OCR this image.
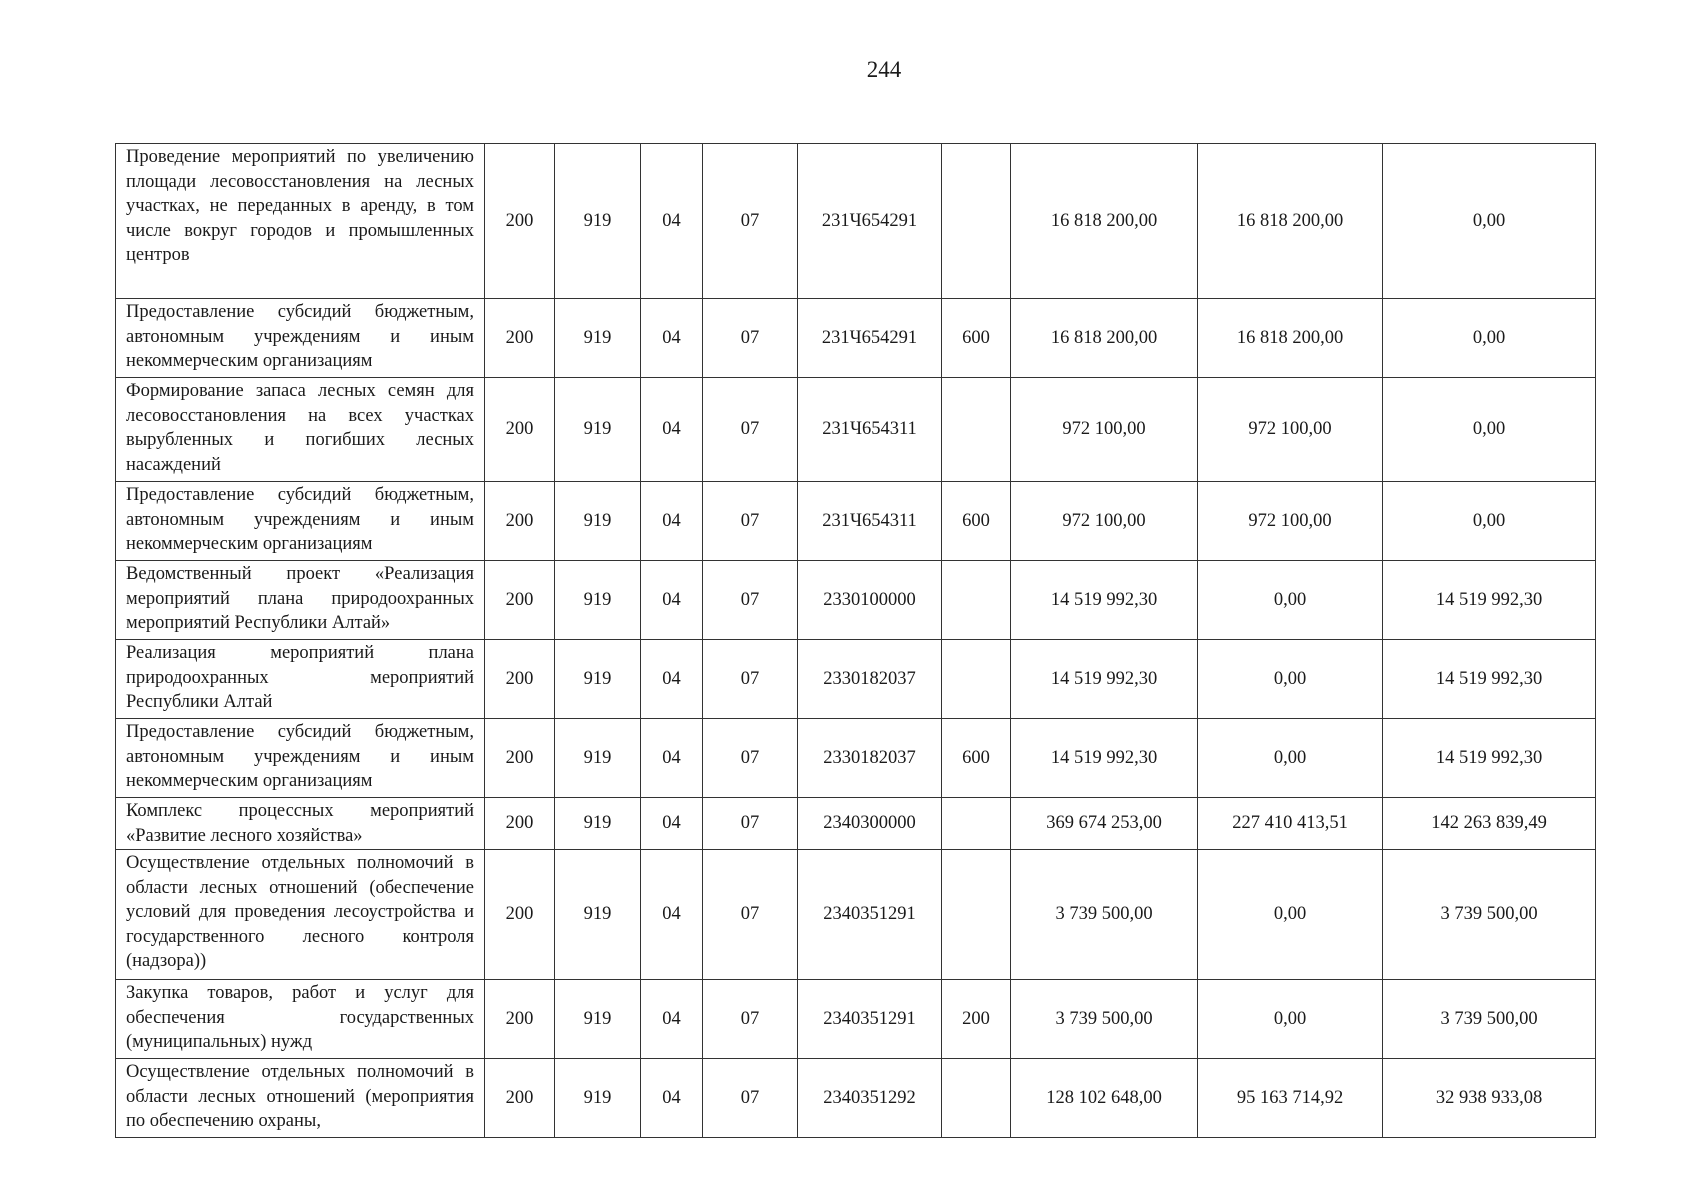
244
Проведение мероприятий по увеличению площади лесовосстановления на лесных участках, не переданных в аренду, в том числе вокруг городов и промышленных центров	200	919	04	07	231Ч654291		16 818 200,00	16 818 200,00	0,00
Предоставление субсидий бюджетным, автономным учреждениям и иным некоммерческим организациям	200	919	04	07	231Ч654291	600	16 818 200,00	16 818 200,00	0,00
Формирование запаса лесных семян для лесовосстановления на всех участках вырубленных и погибших лесных насаждений	200	919	04	07	231Ч654311		972 100,00	972 100,00	0,00
Предоставление субсидий бюджетным, автономным учреждениям и иным некоммерческим организациям	200	919	04	07	231Ч654311	600	972 100,00	972 100,00	0,00
Ведомственный проект «Реализация мероприятий плана природоохранных мероприятий Республики Алтай»	200	919	04	07	2330100000		14 519 992,30	0,00	14 519 992,30
Реализация мероприятий плана природоохранных мероприятий Республики Алтай	200	919	04	07	2330182037		14 519 992,30	0,00	14 519 992,30
Предоставление субсидий бюджетным, автономным учреждениям и иным некоммерческим организациям	200	919	04	07	2330182037	600	14 519 992,30	0,00	14 519 992,30
Комплекс процессных мероприятий «Развитие лесного хозяйства»	200	919	04	07	2340300000		369 674 253,00	227 410 413,51	142 263 839,49
Осуществление отдельных полномочий в области лесных отношений (обеспечение условий для проведения лесоустройства и государственного лесного контроля (надзора))	200	919	04	07	2340351291		3 739 500,00	0,00	3 739 500,00
Закупка товаров, работ и услуг для обеспечения государственных (муниципальных) нужд	200	919	04	07	2340351291	200	3 739 500,00	0,00	3 739 500,00
Осуществление отдельных полномочий в области лесных отношений (мероприятия по обеспечению охраны,	200	919	04	07	2340351292		128 102 648,00	95 163 714,92	32 938 933,08
